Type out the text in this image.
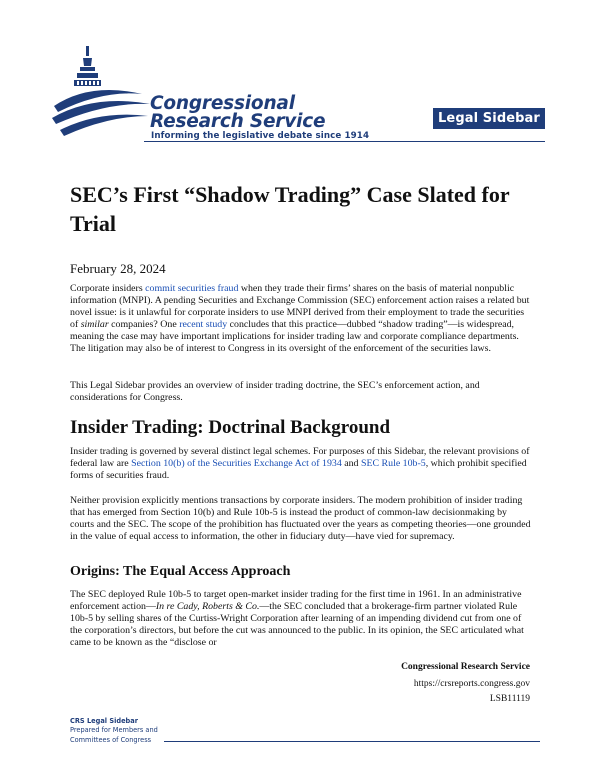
Congressional
Research Service
Informing the legislative debate since 1914
Legal Sidebar
SEC’s First “Shadow Trading” Case Slated for Trial

February 28, 2024

Corporate insiders commit securities fraud when they trade their firms’ shares on the basis of material nonpublic information (MNPI). A pending Securities and Exchange Commission (SEC) enforcement action raises a related but novel issue: is it unlawful for corporate insiders to use MNPI derived from their employment to trade the securities of similar companies? One recent study concludes that this practice—dubbed “shadow trading”—is widespread, meaning the case may have important implications for insider trading law and corporate compliance departments. The litigation may also be of interest to Congress in its oversight of the enforcement of the securities laws.

This Legal Sidebar provides an overview of insider trading doctrine, the SEC’s enforcement action, and considerations for Congress.

Insider Trading: Doctrinal Background

Insider trading is governed by several distinct legal schemes. For purposes of this Sidebar, the relevant provisions of federal law are Section 10(b) of the Securities Exchange Act of 1934 and SEC Rule 10b-5, which prohibit specified forms of securities fraud.

Neither provision explicitly mentions transactions by corporate insiders. The modern prohibition of insider trading that has emerged from Section 10(b) and Rule 10b-5 is instead the product of common-law decisionmaking by courts and the SEC. The scope of the prohibition has fluctuated over the years as competing theories—one grounded in the value of equal access to information, the other in fiduciary duty—have vied for supremacy.

Origins: The Equal Access Approach

The SEC deployed Rule 10b-5 to target open-market insider trading for the first time in 1961. In an administrative enforcement action—In re Cady, Roberts & Co.—the SEC concluded that a brokerage-firm partner violated Rule 10b-5 by selling shares of the Curtiss-Wright Corporation after learning of an impending dividend cut from one of the corporation’s directors, but before the cut was announced to the public. In its opinion, the SEC articulated what came to be known as the “disclose or

Congressional Research Service

https://crsreports.congress.gov

LSB11119

CRS Legal Sidebar

Prepared for Members and

Committees of Congress
